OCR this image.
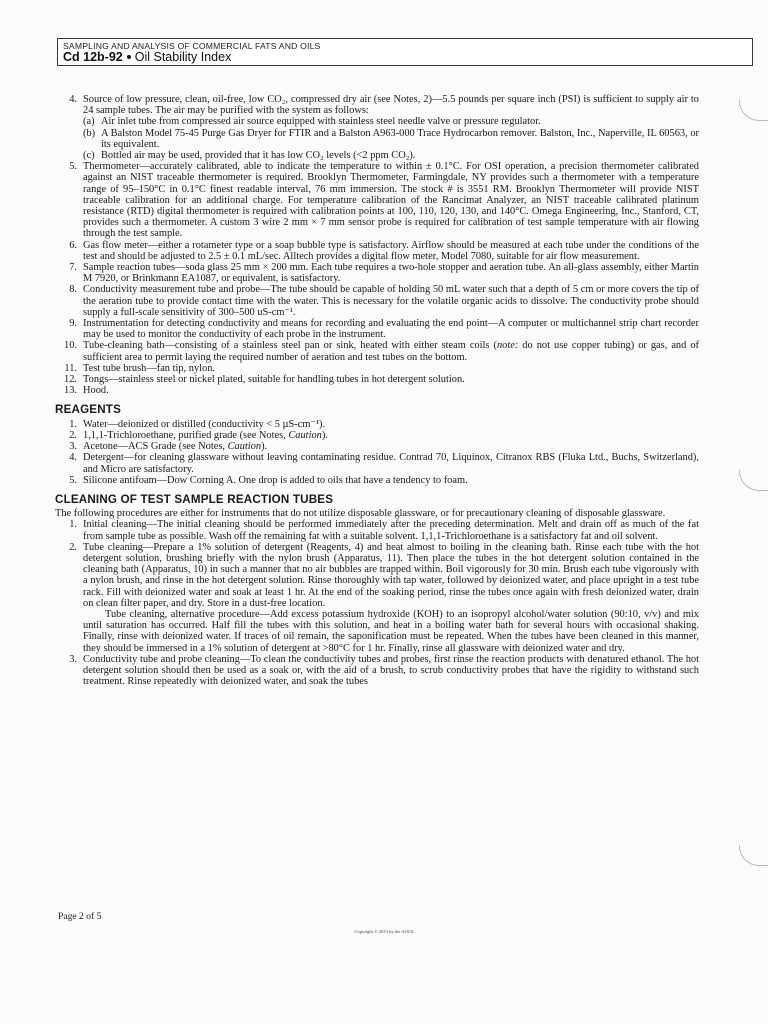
SAMPLING AND ANALYSIS OF COMMERCIAL FATS AND OILS
Cd 12b-92 Oil Stability Index
4. Source of low pressure, clean, oil-free, low CO₂, compressed dry air (see Notes, 2)—5.5 pounds per square inch (PSI) is sufficient to supply air to 24 sample tubes. The air may be purified with the system as follows:
(a) Air inlet tube from compressed air source equipped with stainless steel needle valve or pressure regulator.
(b) A Balston Model 75-45 Purge Gas Dryer for FTIR and a Balston A963-000 Trace Hydrocarbon remover. Balston, Inc., Naperville, IL 60563, or its equivalent.
(c) Bottled air may be used, provided that it has low CO₂ levels (<2 ppm CO₂).
5. Thermometer—accurately calibrated, able to indicate the temperature to within ± 0.1°C. For OSI operation, a precision thermometer calibrated against an NIST traceable thermometer is required. Brooklyn Thermometer, Farmingdale, NY provides such a thermometer with a temperature range of 95–150°C in 0.1°C finest readable interval, 76 mm immersion. The stock # is 3551 RM. Brooklyn Thermometer will provide NIST traceable calibration for an additional charge. For temperature calibration of the Rancimat Analyzer, an NIST traceable calibrated platinum resistance (RTD) digital thermometer is required with calibration points at 100, 110, 120, 130, and 140°C. Omega Engineering, Inc., Stanford, CT, provides such a thermometer. A custom 3 wire 2 mm × 7 mm sensor probe is required for calibration of test sample temperature with air flowing through the test sample.
6. Gas flow meter—either a rotameter type or a soap bubble type is satisfactory. Airflow should be measured at each tube under the conditions of the test and should be adjusted to 2.5 ± 0.1 mL/sec. Alltech provides a digital flow meter, Model 7080, suitable for air flow measurement.
7. Sample reaction tubes—soda glass 25 mm × 200 mm. Each tube requires a two-hole stopper and aeration tube. An all-glass assembly, either Martin M 7920, or Brinkmann EA1087, or equivalent, is satisfactory.
8. Conductivity measurement tube and probe—The tube should be capable of holding 50 mL water such that a depth of 5 cm or more covers the tip of the aeration tube to provide contact time with the water. This is necessary for the volatile organic acids to dissolve. The conductivity probe should supply a full-scale sensitivity of 300–500 uS-cm⁻¹.
9. Instrumentation for detecting conductivity and means for recording and evaluating the end point—A computer or multichannel strip chart recorder may be used to monitor the conductivity of each probe in the instrument.
10. Tube-cleaning bath—consisting of a stainless steel pan or sink, heated with either steam coils (note: do not use copper tubing) or gas, and of sufficient area to permit laying the required number of aeration and test tubes on the bottom.
11. Test tube brush—fan tip, nylon.
12. Tongs—stainless steel or nickel plated, suitable for handling tubes in hot detergent solution.
13. Hood.
REAGENTS
1. Water—deionized or distilled (conductivity < 5 µS-cm⁻¹).
2. 1,1,1-Trichloroethane, purified grade (see Notes, Caution).
3. Acetone—ACS Grade (see Notes, Caution).
4. Detergent—for cleaning glassware without leaving contaminating residue. Contrad 70, Liquinox, Citranox RBS (Fluka Ltd., Buchs, Switzerland), and Micro are satisfactory.
5. Silicone antifoam—Dow Corning A. One drop is added to oils that have a tendency to foam.
CLEANING OF TEST SAMPLE REACTION TUBES

The following procedures are either for instruments that do not utilize disposable glassware, or for precautionary cleaning of disposable glassware.

1. Initial cleaning—The initial cleaning should be performed immediately after the preceding determination. Melt and drain off as much of the fat from sample tube as possible. Wash off the remaining fat with a suitable solvent. 1,1,1-Trichloroethane is a satisfactory fat and oil solvent.
2. Tube cleaning—Prepare a 1% solution of detergent (Reagents, 4) and heat almost to boiling in the cleaning bath. Rinse each tube with the hot detergent solution, brushing briefly with the nylon brush (Apparatus, 11). Then place the tubes in the hot detergent solution contained in the cleaning bath (Apparatus, 10) in such a manner that no air bubbles are trapped within. Boil vigorously for 30 min. Brush each tube vigorously with a nylon brush, and rinse in the hot detergent solution. Rinse thoroughly with tap water, followed by deionized water, and place upright in a test tube rack. Fill with deionized water and soak at least 1 hr. At the end of the soaking period, rinse the tubes once again with fresh deionized water, drain on clean filter paper, and dry. Store in a dust-free location.
Tube cleaning, alternative procedure—Add excess potassium hydroxide (KOH) to an isopropyl alcohol/water solution (90:10, v/v) and mix until saturation has occurred. Half fill the tubes with this solution, and heat in a boiling water bath for several hours with occasional shaking. Finally, rinse with deionized water. If traces of oil remain, the saponification must be repeated. When the tubes have been cleaned in this manner, they should be immersed in a 1% solution of detergent at >80°C for 1 hr. Finally, rinse all glassware with deionized water and dry.
3. Conductivity tube and probe cleaning—To clean the conductivity tubes and probes, first rinse the reaction products with denatured ethanol. The hot detergent solution should then be used as a soak or, with the aid of a brush, to scrub conductivity probes that have the rigidity to withstand such treatment. Rinse repeatedly with deionized water, and soak the tubes
Page 2 of 5
Copyright © 2013 by the AOCS
